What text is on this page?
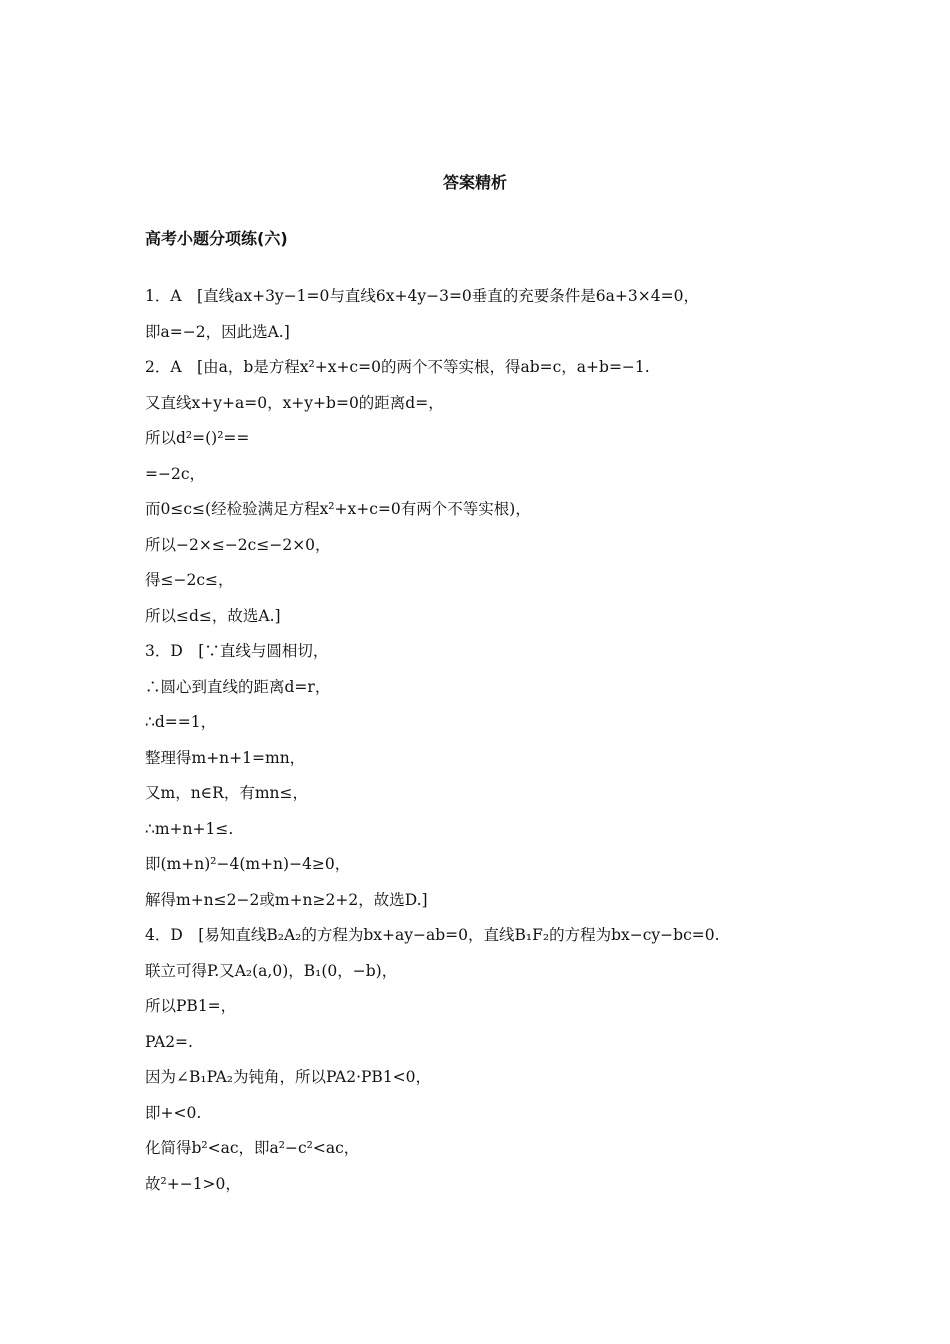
答案精析
高考小题分项练(六)
1．A　[直线ax+3y−1=0与直线6x+4y−3=0垂直的充要条件是6a+3×4=0，
即a=−2，因此选A.]
2．A　[由a，b是方程x²+x+c=0的两个不等实根，得ab=c，a+b=−1.
又直线x+y+a=0，x+y+b=0的距离d=，
所以d²=()²==
=−2c，
而0≤c≤(经检验满足方程x²+x+c=0有两个不等实根)，
所以−2×≤−2c≤−2×0，
得≤−2c≤，
所以≤d≤，故选A.]
3．D　[∵直线与圆相切，
∴圆心到直线的距离d=r，
∴d==1，
整理得m+n+1=mn，
又m，n∈R，有mn≤，
∴m+n+1≤.
即(m+n)²−4(m+n)−4≥0，
解得m+n≤2−2或m+n≥2+2，故选D.]
4．D　[易知直线B₂A₂的方程为bx+ay−ab=0，直线B₁F₂的方程为bx−cy−bc=0.
联立可得P.又A₂(a,0)，B₁(0，−b)，
所以PB1=，
PA2=.
因为∠B₁PA₂为钝角，所以PA2·PB1<0，
即+<0.
化简得b²<ac，即a²−c²<ac，
故²+−1>0，
